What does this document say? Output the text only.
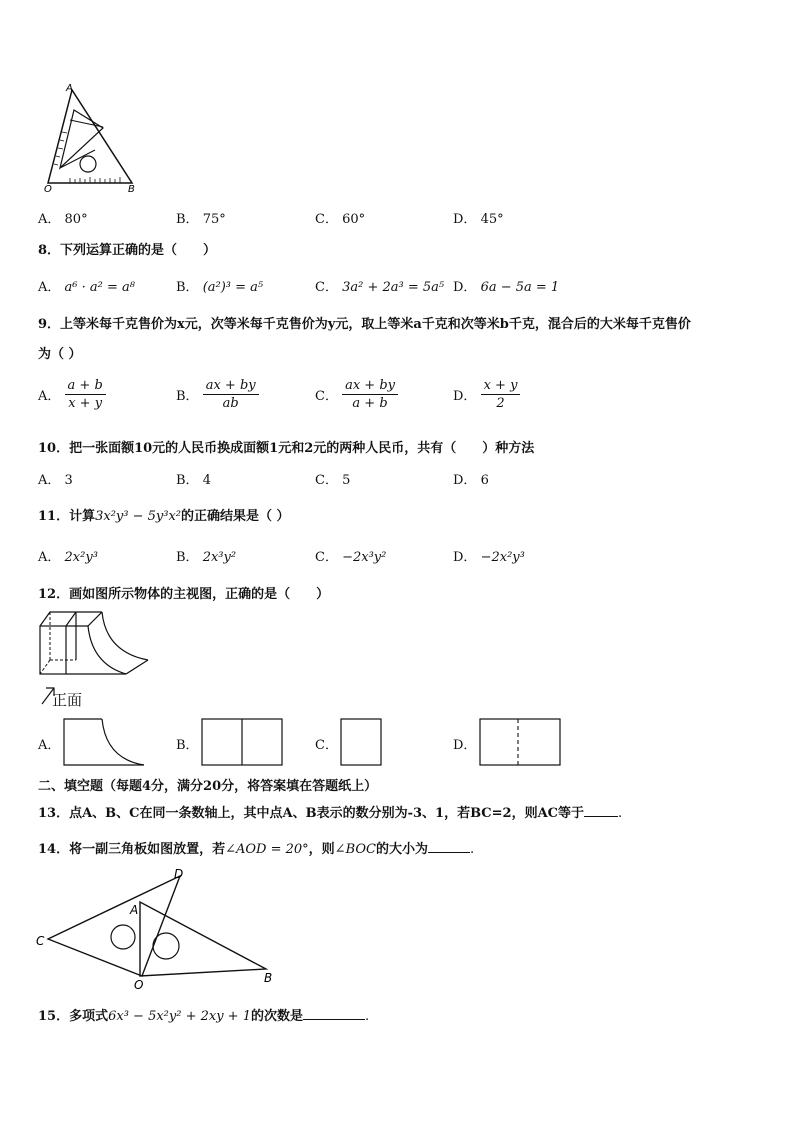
A
O	B
A． 80°	B． 75°	C． 60°	D． 45°
8．下列运算正确的是（　　）
A． a⁶ · a² = a⁸	B． (a²)³ = a⁵	C． 3a² + 2a³ = 5a⁵ D． 6a − 5a = 1
9．上等米每千克售价为x元，次等米每千克售价为y元，取上等米a千克和次等米b千克，混合后的大米每千克售价
为（ ）
A． $\frac{a + b}{x + y}$	B． $\frac{ax + by}{ab}$	C． $\frac{ax + by}{a + b}$	D． $\frac{x + y}{2}$
10．把一张面额10元的人民币换成面额1元和2元的两种人民币，共有（　　）种方法
A． 3	B． 4	C． 5	D． 6
11．计算3x²y³ − 5y³x²的正确结果是（ ）
A． 2x²y³	B． 2x³y²	C． −2x³y²	D． −2x²y³
12．画如图所示物体的主视图，正确的是（　　）
正面
A．	B．	C．	D．
二、填空题（每题4分，满分20分，将答案填在答题纸上）
13．点A、B、C在同一条数轴上，其中点A、B表示的数分别为-3、1，若BC=2，则AC等于	.
14．将一副三角板如图放置，若∠AOD = 20°，则∠BOC的大小为	.
D
A
C
O	B
15．多项式6x³ − 5x²y² + 2xy + 1的次数是	.
